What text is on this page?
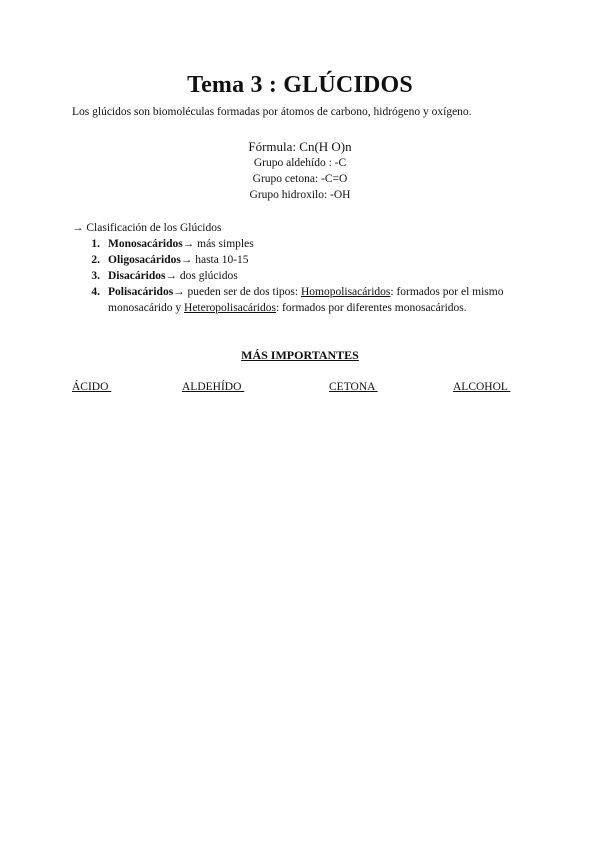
Tema 3 : GLÚCIDOS

Los glúcidos son biomoléculas formadas por átomos de carbono, hidrógeno y oxígeno.

Fórmula: Cn(H O)n
Grupo aldehído : -C
Grupo cetona: -C=O
Grupo hidroxilo: -OH
→ Clasificación de los Glúcidos
1. Monosacáridos→ más simples
2. Oligosacáridos→ hasta 10-15
3. Disacáridos→ dos glúcidos
4. Polisacáridos→ pueden ser de dos tipos: Homopolisacáridos: formados por el mismo monosacárido y Heteropolisacáridos: formados por diferentes monosacáridos.
MÁS IMPORTANTES
ÁCIDO	ALDEHÍDO	CETONA	ALCOHOL
